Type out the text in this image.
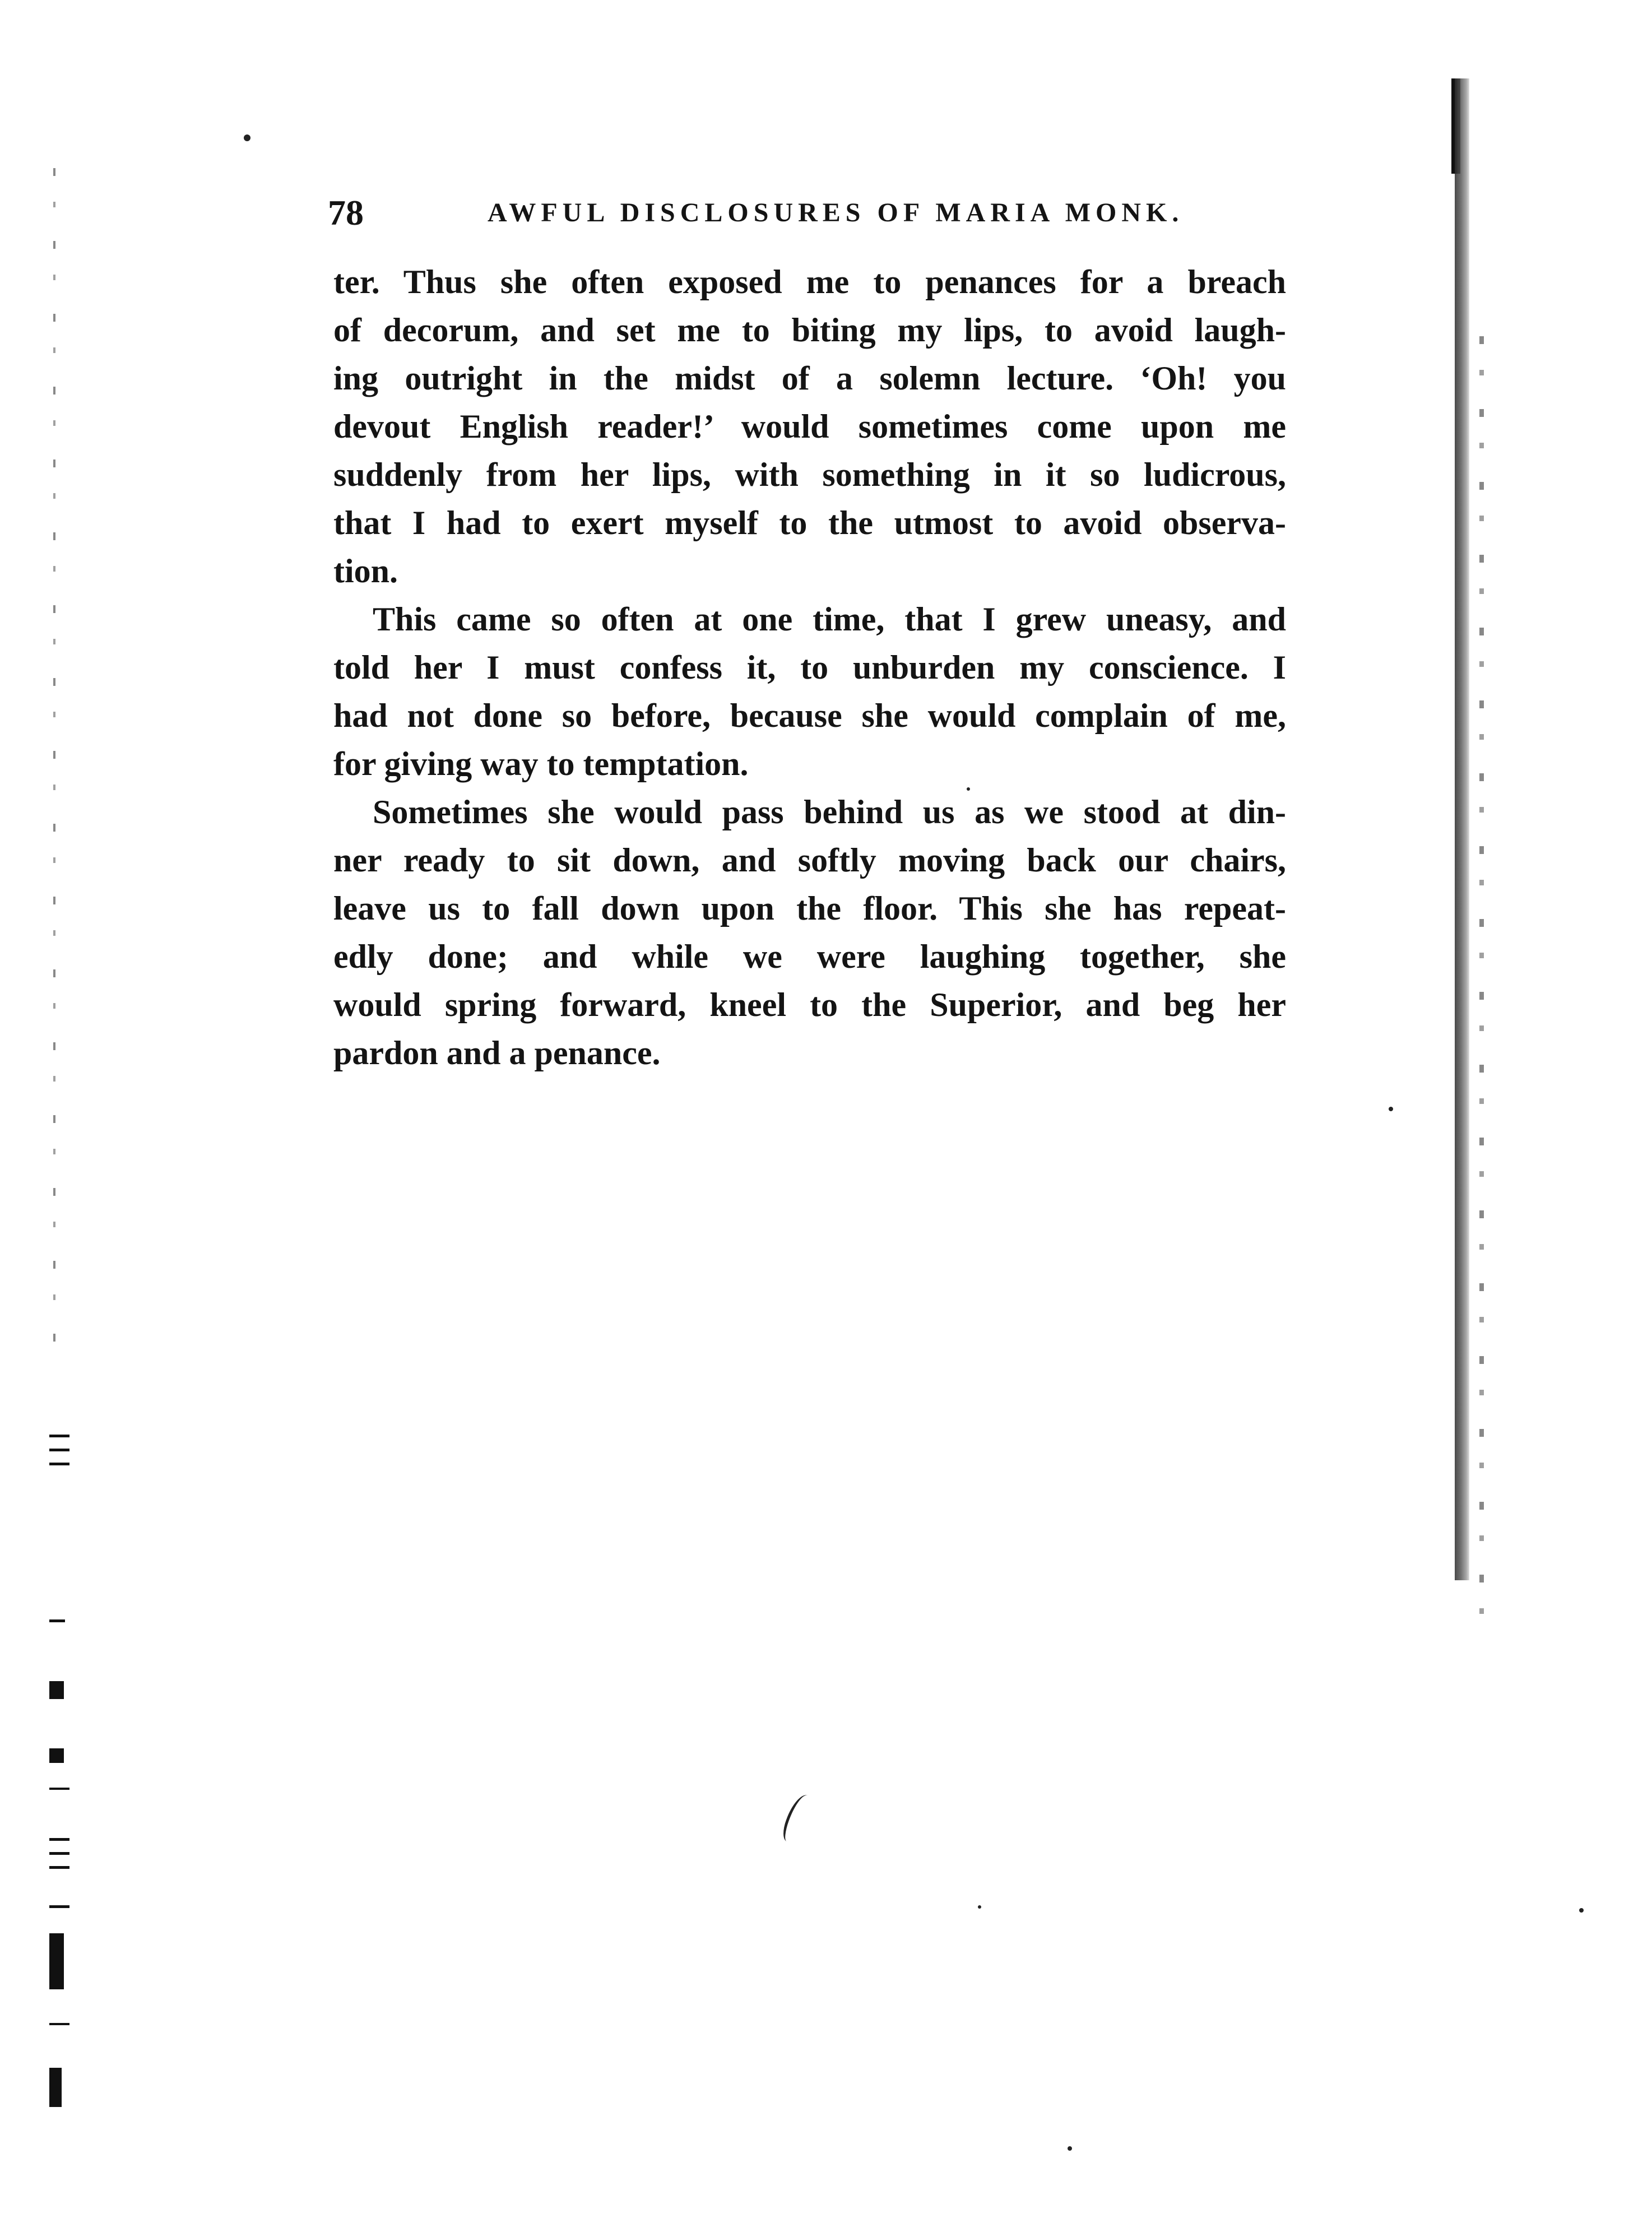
78	AWFUL DISCLOSURES OF MARIA MONK.
ter. Thus she often exposed me to penances for a breach
of decorum, and set me to biting my lips, to avoid laugh-
ing outright in the midst of a solemn lecture. ‘Oh! you
devout English reader!’ would sometimes come upon me
suddenly from her lips, with something in it so ludicrous,
that I had to exert myself to the utmost to avoid observa-
tion.
This came so often at one time, that I grew uneasy, and
told her I must confess it, to unburden my conscience. I
had not done so before, because she would complain of me,
for giving way to temptation.
Sometimes she would pass behind us as we stood at din-
ner ready to sit down, and softly moving back our chairs,
leave us to fall down upon the floor. This she has repeat-
edly done; and while we were laughing together, she
would spring forward, kneel to the Superior, and beg her
pardon and a penance.
